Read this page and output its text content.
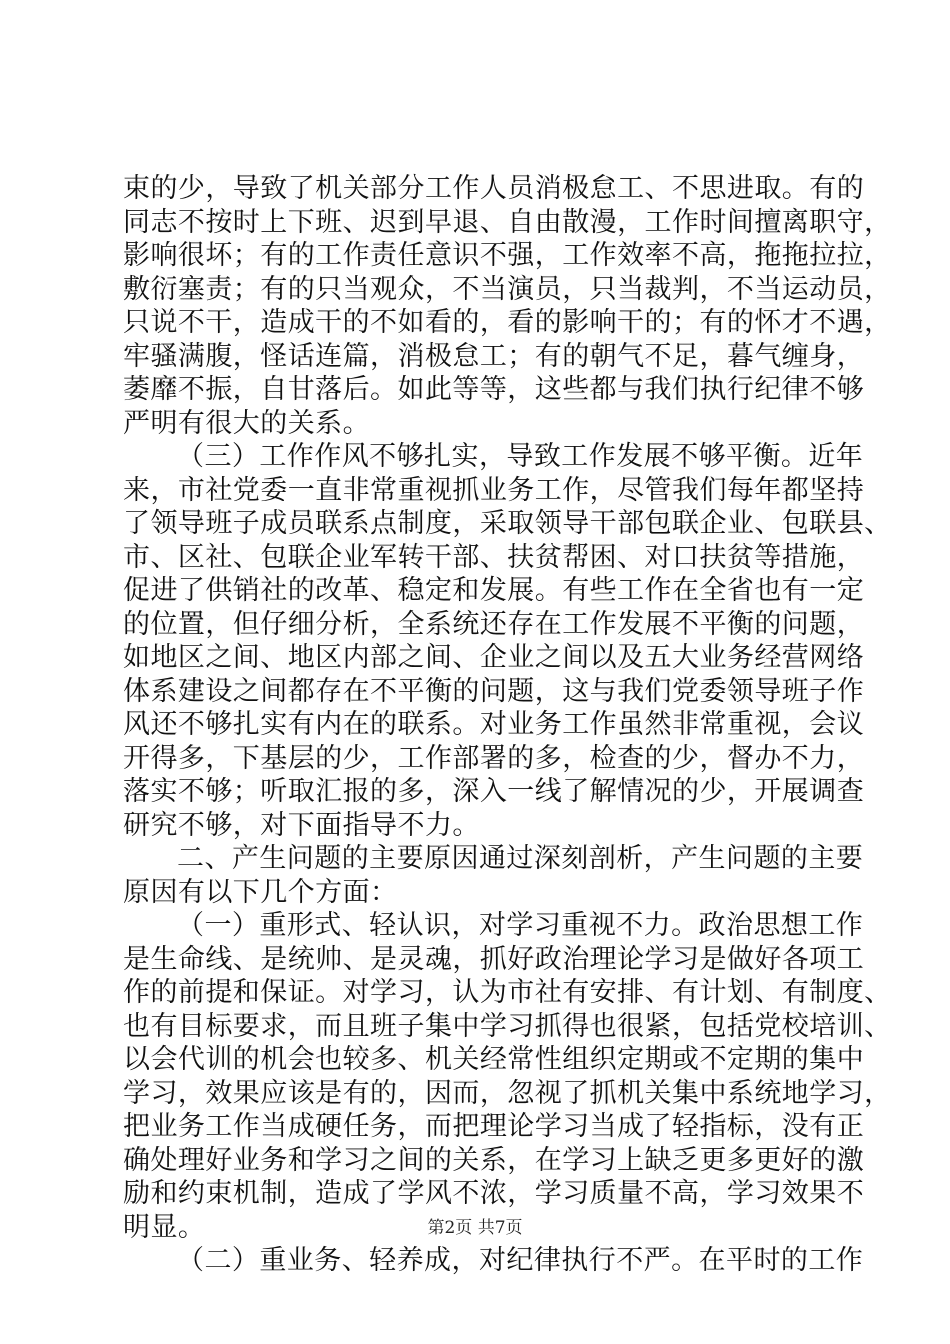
束的少，导致了机关部分工作人员消极怠工、不思进取。有的
同志不按时上下班、迟到早退、自由散漫，工作时间擅离职守，
影响很坏；有的工作责任意识不强，工作效率不高，拖拖拉拉，
敷衍塞责；有的只当观众，不当演员，只当裁判，不当运动员，
只说不干，造成干的不如看的，看的影响干的；有的怀才不遇，
牢骚满腹，怪话连篇，消极怠工；有的朝气不足，暮气缠身，
萎靡不振，自甘落后。如此等等，这些都与我们执行纪律不够
严明有很大的关系。
（三）工作作风不够扎实，导致工作发展不够平衡。近年
来，市社党委一直非常重视抓业务工作，尽管我们每年都坚持
了领导班子成员联系点制度，采取领导干部包联企业、包联县、
市、区社、包联企业军转干部、扶贫帮困、对口扶贫等措施，
促进了供销社的改革、稳定和发展。有些工作在全省也有一定
的位置，但仔细分析，全系统还存在工作发展不平衡的问题，
如地区之间、地区内部之间、企业之间以及五大业务经营网络
体系建设之间都存在不平衡的问题，这与我们党委领导班子作
风还不够扎实有内在的联系。对业务工作虽然非常重视，会议
开得多，下基层的少，工作部署的多，检查的少，督办不力，
落实不够；听取汇报的多，深入一线了解情况的少，开展调查
研究不够，对下面指导不力。
二、产生问题的主要原因通过深刻剖析，产生问题的主要
原因有以下几个方面：
（一）重形式、轻认识，对学习重视不力。政治思想工作
是生命线、是统帅、是灵魂，抓好政治理论学习是做好各项工
作的前提和保证。对学习，认为市社有安排、有计划、有制度、
也有目标要求，而且班子集中学习抓得也很紧，包括党校培训、
以会代训的机会也较多、机关经常性组织定期或不定期的集中
学习，效果应该是有的，因而，忽视了抓机关集中系统地学习，
把业务工作当成硬任务，而把理论学习当成了轻指标，没有正
确处理好业务和学习之间的关系，在学习上缺乏更多更好的激
励和约束机制，造成了学风不浓，学习质量不高，学习效果不
明显。
（二）重业务、轻养成，对纪律执行不严。在平时的工作
第2页 共7页
